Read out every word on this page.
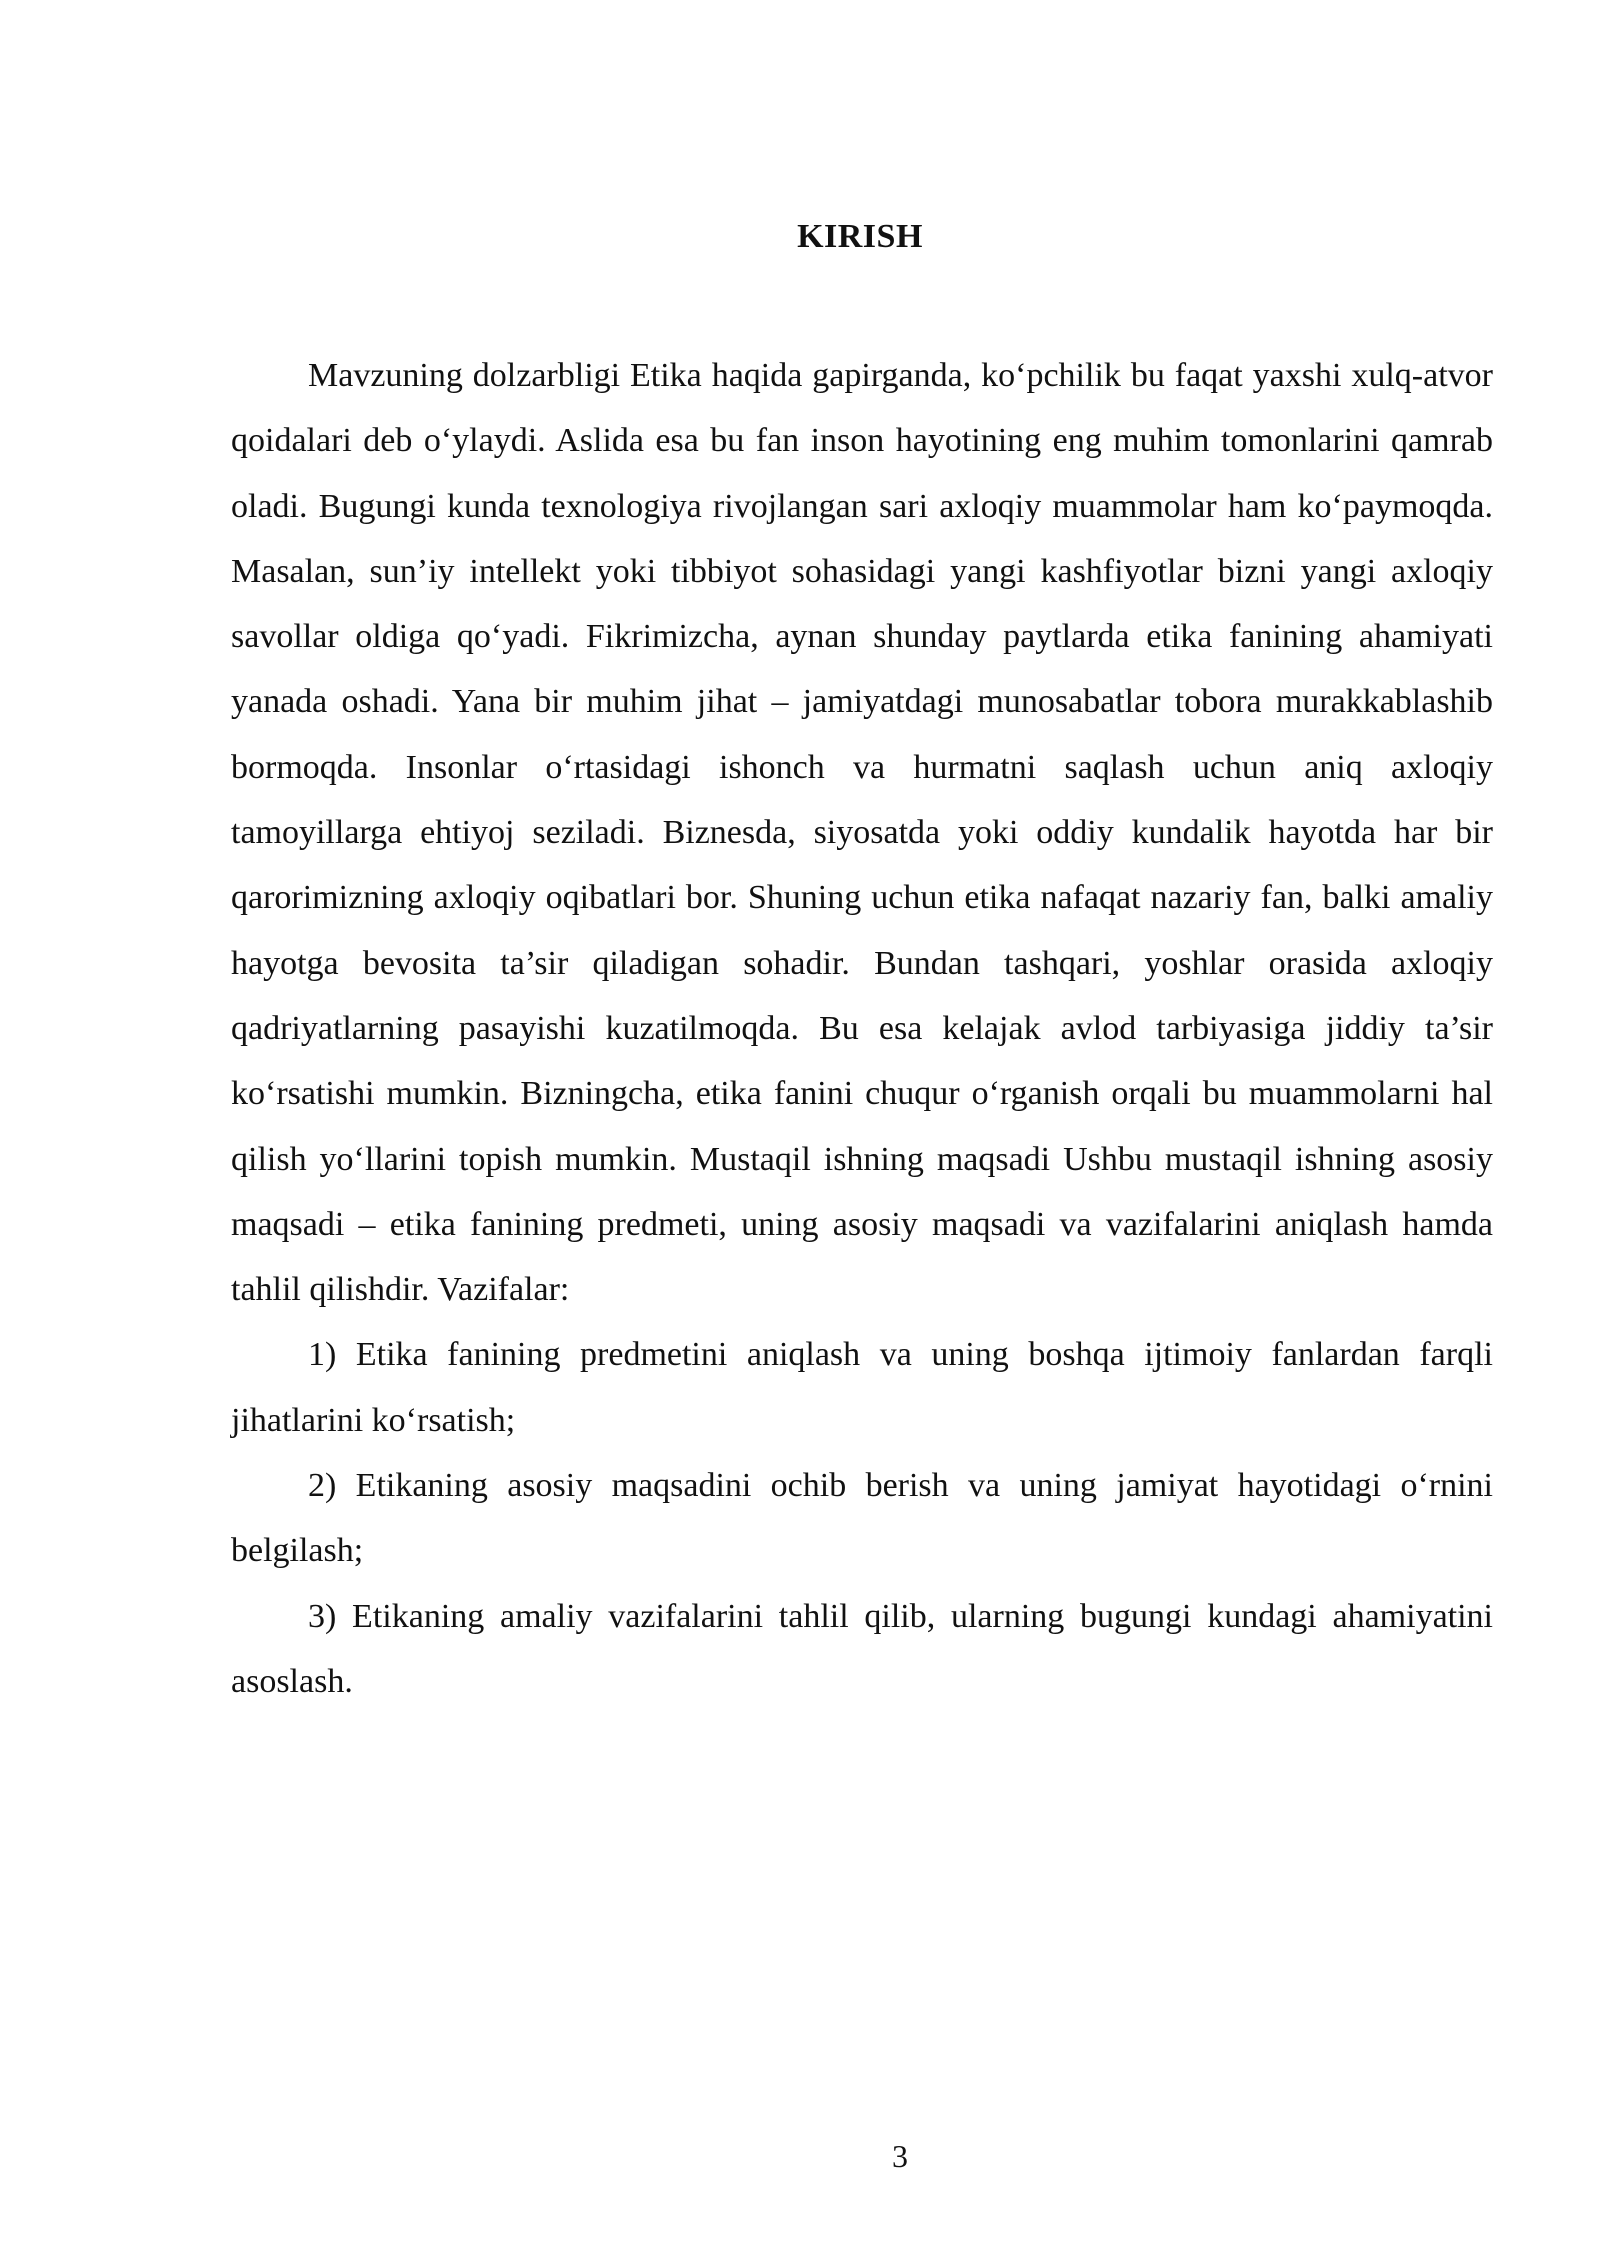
KIRISH

Mavzuning dolzarbligi Etika haqida gapirganda, ko‘pchilik bu faqat yaxshi xulq-atvor qoidalari deb o‘ylaydi. Aslida esa bu fan inson hayotining eng muhim tomonlarini qamrab oladi. Bugungi kunda texnologiya rivojlangan sari axloqiy muammolar ham ko‘paymoqda. Masalan, sun’iy intellekt yoki tibbiyot sohasidagi yangi kashfiyotlar bizni yangi axloqiy savollar oldiga qo‘yadi. Fikrimizcha, aynan shunday paytlarda etika fanining ahamiyati yanada oshadi. Yana bir muhim jihat – jamiyatdagi munosabatlar tobora murakkablashib bormoqda. Insonlar o‘rtasidagi ishonch va hurmatni saqlash uchun aniq axloqiy tamoyillarga ehtiyoj seziladi. Biznesda, siyosatda yoki oddiy kundalik hayotda har bir qarorimizning axloqiy oqibatlari bor. Shuning uchun etika nafaqat nazariy fan, balki amaliy hayotga bevosita ta’sir qiladigan sohadir. Bundan tashqari, yoshlar orasida axloqiy qadriyatlarning pasayishi kuzatilmoqda. Bu esa kelajak avlod tarbiyasiga jiddiy ta’sir ko‘rsatishi mumkin. Bizningcha, etika fanini chuqur o‘rganish orqali bu muammolarni hal qilish yo‘llarini topish mumkin. Mustaqil ishning maqsadi Ushbu mustaqil ishning asosiy maqsadi – etika fanining predmeti, uning asosiy maqsadi va vazifalarini aniqlash hamda tahlil qilishdir. Vazifalar:

1) Etika fanining predmetini aniqlash va uning boshqa ijtimoiy fanlardan farqli jihatlarini ko‘rsatish;

2) Etikaning asosiy maqsadini ochib berish va uning jamiyat hayotidagi o‘rnini belgilash;

3) Etikaning amaliy vazifalarini tahlil qilib, ularning bugungi kundagi ahamiyatini asoslash.

3
